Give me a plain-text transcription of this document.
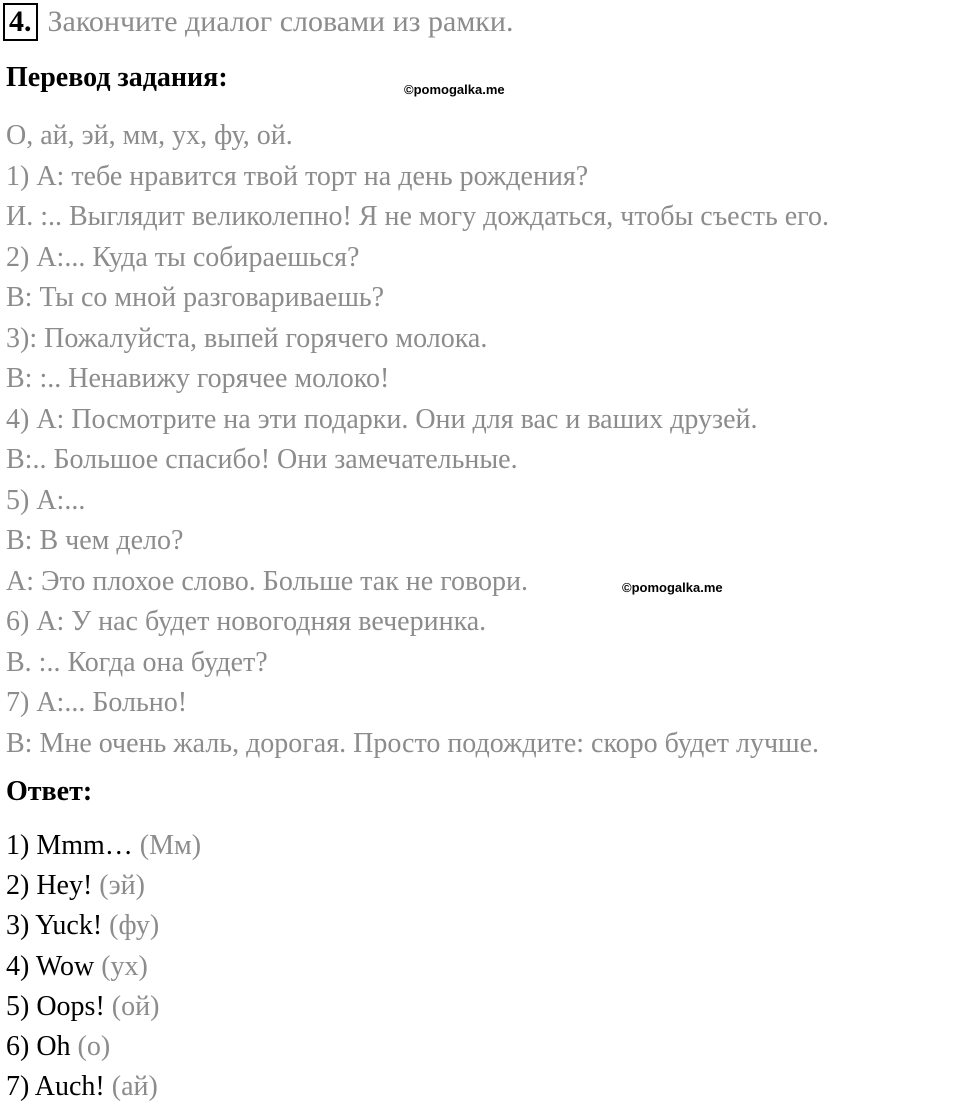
4. Закончите диалог словами из рамки.
Перевод задания:	©pomogalka.me
О, ай, эй, мм, ух, фу, ой.
1) А: тебе нравится твой торт на день рождения?
И. :.. Выглядит великолепно! Я не могу дождаться, чтобы съесть его.
2) А:... Куда ты собираешься?
В: Ты со мной разговариваешь?
3): Пожалуйста, выпей горячего молока.
В: :.. Ненавижу горячее молоко!
4) А: Посмотрите на эти подарки. Они для вас и ваших друзей.
В:.. Большое спасибо! Они замечательные.
5) А:...
В: В чем дело?
А: Это плохое слово. Больше так не говори.
6) А: У нас будет новогодняя вечеринка.
В. :.. Когда она будет?
7) А:... Больно!
В: Мне очень жаль, дорогая. Просто подождите: скоро будет лучше.
©pomogalka.me
Ответ:
1) Mmm… (Мм)
2) Hey! (эй)
3) Yuck! (фу)
4) Wow (ух)
5) Oops! (ой)
6) Oh (о)
7) Auch! (ай)
